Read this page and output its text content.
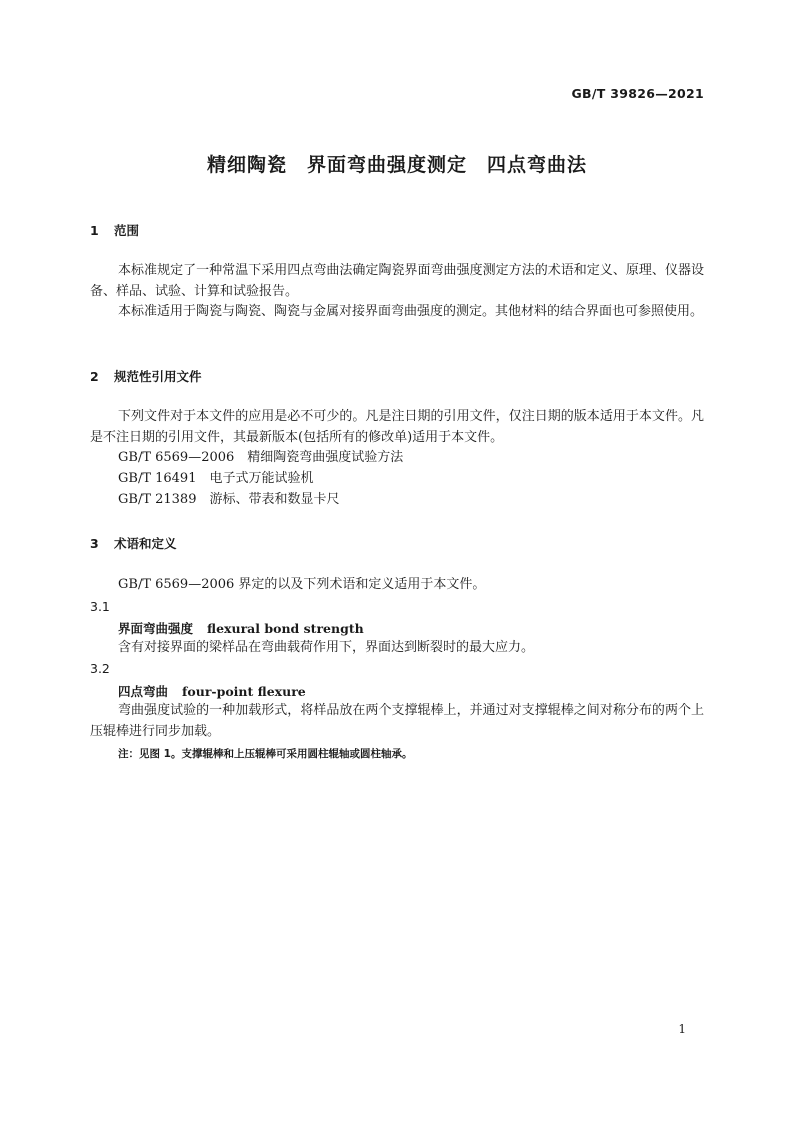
GB/T 39826—2021
精细陶瓷　界面弯曲强度测定　四点弯曲法
1 范围
本标准规定了一种常温下采用四点弯曲法确定陶瓷界面弯曲强度测定方法的术语和定义、原理、仪器设备、样品、试验、计算和试验报告。
本标准适用于陶瓷与陶瓷、陶瓷与金属对接界面弯曲强度的测定。其他材料的结合界面也可参照使用。
2 规范性引用文件
下列文件对于本文件的应用是必不可少的。凡是注日期的引用文件，仅注日期的版本适用于本文件。凡是不注日期的引用文件，其最新版本(包括所有的修改单)适用于本文件。
GB/T 6569—2006　精细陶瓷弯曲强度试验方法
GB/T 16491　电子式万能试验机
GB/T 21389　游标、带表和数显卡尺
3 术语和定义
GB/T 6569—2006 界定的以及下列术语和定义适用于本文件。
3.1
界面弯曲强度 flexural bond strength
含有对接界面的梁样品在弯曲载荷作用下，界面达到断裂时的最大应力。
3.2
四点弯曲 four-point flexure
弯曲强度试验的一种加载形式，将样品放在两个支撑辊棒上，并通过对支撑辊棒之间对称分布的两个上压辊棒进行同步加载。
注：见图 1。支撑辊棒和上压辊棒可采用圆柱辊轴或圆柱轴承。
1
